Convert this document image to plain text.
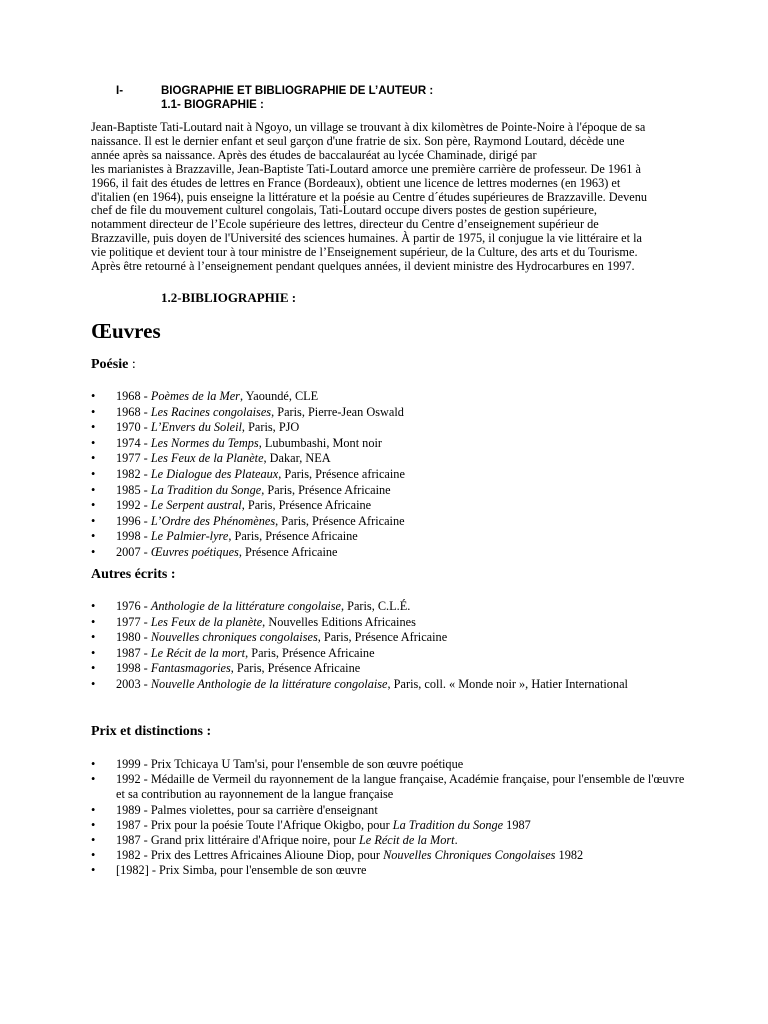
I-	BIOGRAPHIE ET BIBLIOGRAPHIE DE L’AUTEUR :
1.1- BIOGRAPHIE :

Jean-Baptiste Tati-Loutard nait à Ngoyo, un village se trouvant à dix kilomètres de Pointe-Noire à l'époque de sa

naissance. Il est le dernier enfant et seul garçon d'une fratrie de six. Son père, Raymond Loutard, décède une

année après sa naissance. Après des études de baccalauréat au lycée Chaminade, dirigé par

les marianistes à Brazzaville, Jean-Baptiste Tati-Loutard amorce une première carrière de professeur. De 1961 à

1966, il fait des études de lettres en France (Bordeaux), obtient une licence de lettres modernes (en 1963) et

d'italien (en 1964), puis enseigne la littérature et la poésie au Centre d´études supérieures de Brazzaville. Devenu

chef de file du mouvement culturel congolais, Tati-Loutard occupe divers postes de gestion supérieure,

notamment directeur de l’Ecole supérieure des lettres, directeur du Centre d’enseignement supérieur de

Brazzaville, puis doyen de l'Université des sciences humaines. À partir de 1975, il conjugue la vie littéraire et la

vie politique et devient tour à tour ministre de l’Enseignement supérieur, de la Culture, des arts et du Tourisme.

Après être retourné à l’enseignement pendant quelques années, il devient ministre des Hydrocarbures en 1997.

1.2-BIBLIOGRAPHIE :
Œuvres
Poésie :
• 1968 - Poèmes de la Mer, Yaoundé, CLE
• 1968 - Les Racines congolaises, Paris, Pierre-Jean Oswald
• 1970 - L’Envers du Soleil, Paris, PJO
• 1974 - Les Normes du Temps, Lubumbashi, Mont noir
• 1977 - Les Feux de la Planète, Dakar, NEA
• 1982 - Le Dialogue des Plateaux, Paris, Présence africaine
• 1985 - La Tradition du Songe, Paris, Présence Africaine
• 1992 - Le Serpent austral, Paris, Présence Africaine
• 1996 - L’Ordre des Phénomènes, Paris, Présence Africaine
• 1998 - Le Palmier-lyre, Paris, Présence Africaine
• 2007 - Œuvres poétiques, Présence Africaine
Autres écrits :
• 1976 - Anthologie de la littérature congolaise, Paris, C.L.É.
• 1977 - Les Feux de la planète, Nouvelles Editions Africaines
• 1980 - Nouvelles chroniques congolaises, Paris, Présence Africaine
• 1987 - Le Récit de la mort, Paris, Présence Africaine
• 1998 - Fantasmagories, Paris, Présence Africaine
• 2003 - Nouvelle Anthologie de la littérature congolaise, Paris, coll. « Monde noir », Hatier International
Prix et distinctions :
• 1999 - Prix Tchicaya U Tam'si, pour l'ensemble de son œuvre poétique
• 1992 - Médaille de Vermeil du rayonnement de la langue française, Académie française, pour l'ensemble de l'œuvre et sa contribution au rayonnement de la langue française
• 1989 - Palmes violettes, pour sa carrière d'enseignant
• 1987 - Prix pour la poésie Toute l'Afrique Okigbo, pour La Tradition du Songe 1987
• 1987 - Grand prix littéraire d'Afrique noire, pour Le Récit de la Mort.
• 1982 - Prix des Lettres Africaines Alioune Diop, pour Nouvelles Chroniques Congolaises 1982
• [1982] - Prix Simba, pour l'ensemble de son œuvre
